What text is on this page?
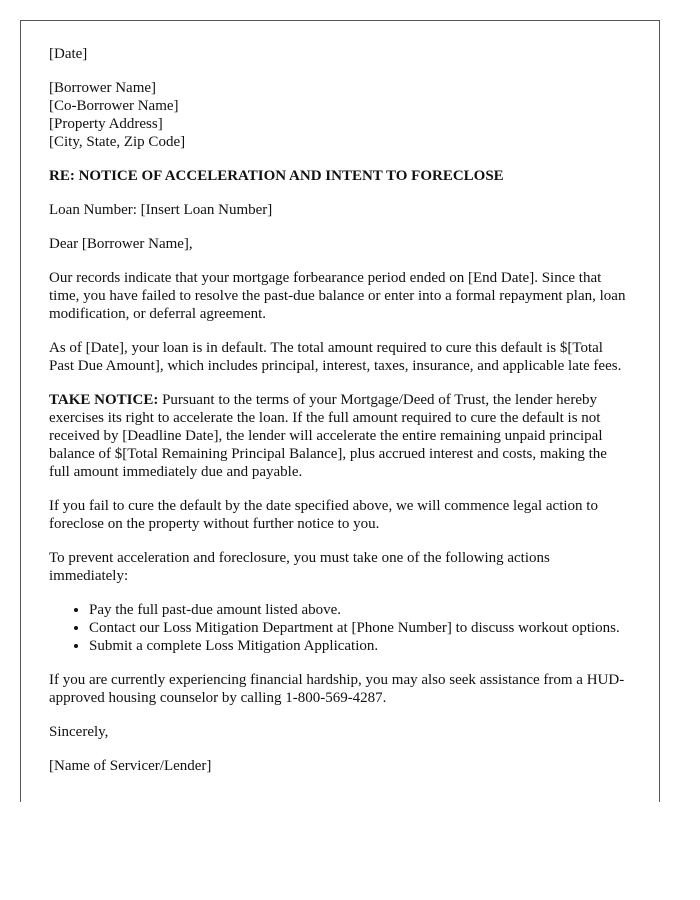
[Date]

[Borrower Name]
[Co-Borrower Name]
[Property Address]
[City, State, Zip Code]

RE: NOTICE OF ACCELERATION AND INTENT TO FORECLOSE

Loan Number: [Insert Loan Number]

Dear [Borrower Name],

Our records indicate that your mortgage forbearance period ended on [End Date]. Since that time, you have failed to resolve the past-due balance or enter into a formal repayment plan, loan modification, or deferral agreement.

As of [Date], your loan is in default. The total amount required to cure this default is $[Total Past Due Amount], which includes principal, interest, taxes, insurance, and applicable late fees.

TAKE NOTICE: Pursuant to the terms of your Mortgage/Deed of Trust, the lender hereby exercises its right to accelerate the loan. If the full amount required to cure the default is not received by [Deadline Date], the lender will accelerate the entire remaining unpaid principal balance of $[Total Remaining Principal Balance], plus accrued interest and costs, making the full amount immediately due and payable.

If you fail to cure the default by the date specified above, we will commence legal action to foreclose on the property without further notice to you.

To prevent acceleration and foreclosure, you must take one of the following actions immediately:

• Pay the full past-due amount listed above.
• Contact our Loss Mitigation Department at [Phone Number] to discuss workout options.
• Submit a complete Loss Mitigation Application.

If you are currently experiencing financial hardship, you may also seek assistance from a HUD-approved housing counselor by calling 1-800-569-4287.

Sincerely,

[Name of Servicer/Lender]
